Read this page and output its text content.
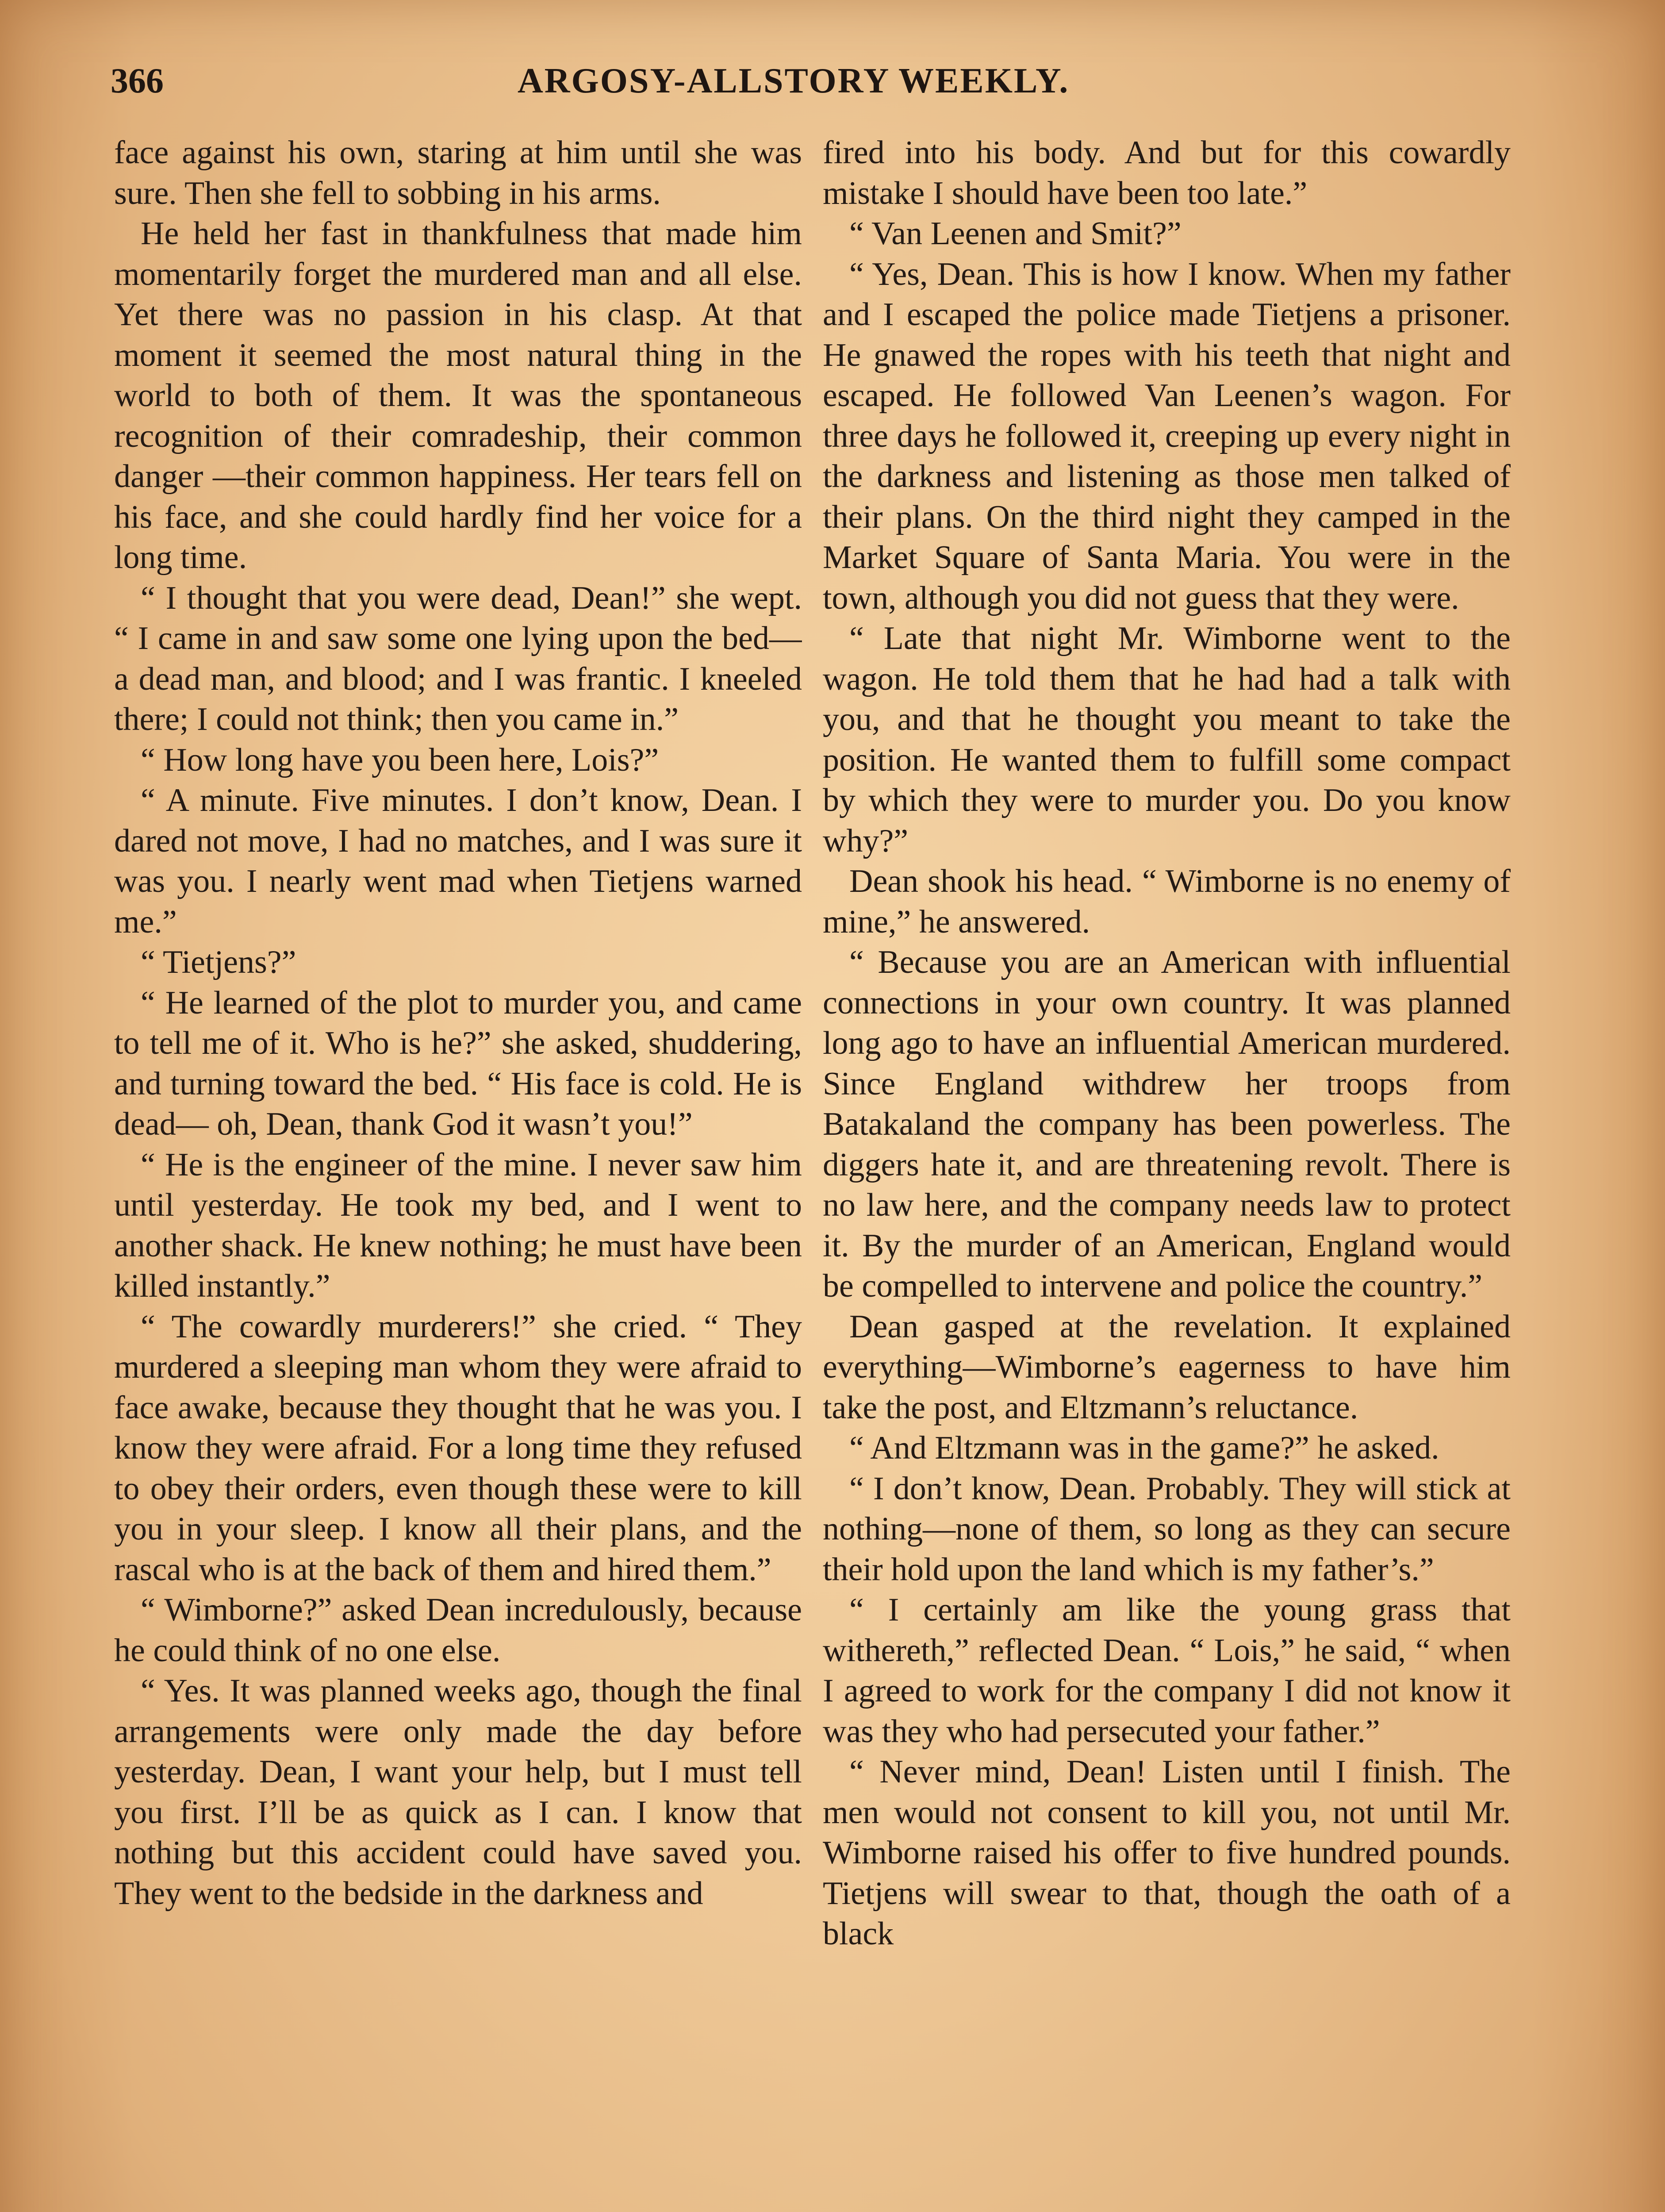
366	ARGOSY-ALLSTORY WEEKLY.

face against his own, staring at him until she was sure. Then she fell to sobbing in his arms.

He held her fast in thankfulness that made him momentarily forget the murdered man and all else. Yet there was no passion in his clasp. At that moment it seemed the most natural thing in the world to both of them. It was the spontaneous recognition of their comradeship, their common danger —their common happiness. Her tears fell on his face, and she could hardly find her voice for a long time.

“ I thought that you were dead, Dean!” she wept. “ I came in and saw some one lying upon the bed—a dead man, and blood; and I was frantic. I kneeled there; I could not think; then you came in.”

“ How long have you been here, Lois?”

“ A minute. Five minutes. I don’t know, Dean. I dared not move, I had no matches, and I was sure it was you. I nearly went mad when Tietjens warned me.”

“ Tietjens?”

“ He learned of the plot to murder you, and came to tell me of it. Who is he?” she asked, shuddering, and turning toward the bed. “ His face is cold. He is dead— oh, Dean, thank God it wasn’t you!”

“ He is the engineer of the mine. I never saw him until yesterday. He took my bed, and I went to another shack. He knew nothing; he must have been killed instantly.”

“ The cowardly murderers!” she cried. “ They murdered a sleeping man whom they were afraid to face awake, because they thought that he was you. I know they were afraid. For a long time they refused to obey their orders, even though these were to kill you in your sleep. I know all their plans, and the rascal who is at the back of them and hired them.”

“ Wimborne?” asked Dean incredulously, because he could think of no one else.

“ Yes. It was planned weeks ago, though the final arrangements were only made the day before yesterday. Dean, I want your help, but I must tell you first. I’ll be as quick as I can. I know that nothing but this accident could have saved you. They went to the bedside in the darkness and

fired into his body. And but for this cowardly mistake I should have been too late.”

“ Van Leenen and Smit?”

“ Yes, Dean. This is how I know. When my father and I escaped the police made Tietjens a prisoner. He gnawed the ropes with his teeth that night and escaped. He followed Van Leenen’s wagon. For three days he followed it, creeping up every night in the darkness and listening as those men talked of their plans. On the third night they camped in the Market Square of Santa Maria. You were in the town, although you did not guess that they were.

“ Late that night Mr. Wimborne went to the wagon. He told them that he had had a talk with you, and that he thought you meant to take the position. He wanted them to fulfill some compact by which they were to murder you. Do you know why?”

Dean shook his head. “ Wimborne is no enemy of mine,” he answered.

“ Because you are an American with influential connections in your own country. It was planned long ago to have an influential American murdered. Since England withdrew her troops from Batakaland the company has been powerless. The diggers hate it, and are threatening revolt. There is no law here, and the company needs law to protect it. By the murder of an American, England would be compelled to intervene and police the country.”

Dean gasped at the revelation. It explained everything—Wimborne’s eagerness to have him take the post, and Eltzmann’s reluctance.

“ And Eltzmann was in the game?” he asked.

“ I don’t know, Dean. Probably. They will stick at nothing—none of them, so long as they can secure their hold upon the land which is my father’s.”

“ I certainly am like the young grass that withereth,” reflected Dean. “ Lois,” he said, “ when I agreed to work for the company I did not know it was they who had persecuted your father.”

“ Never mind, Dean! Listen until I finish. The men would not consent to kill you, not until Mr. Wimborne raised his offer to five hundred pounds. Tietjens will swear to that, though the oath of a black
